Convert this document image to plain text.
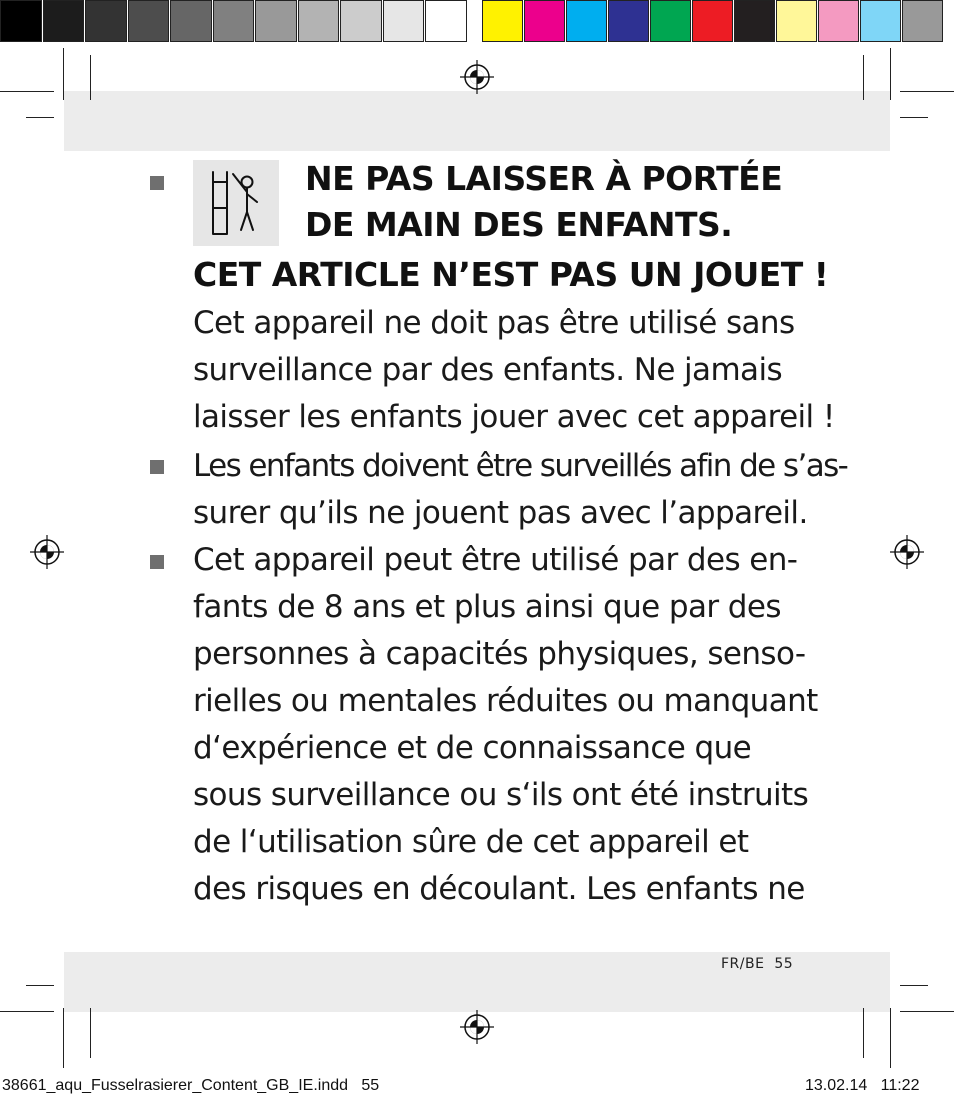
NE PAS LAISSER À PORTÉE
DE MAIN DES ENFANTS.
CET ARTICLE N’EST PAS UN JOUET !
Cet appareil ne doit pas être utilisé sans
surveillance par des enfants. Ne jamais
laisser les enfants jouer avec cet appareil !
Les enfants doivent être surveillés afin de s’as-
surer qu’ils ne jouent pas avec l’appareil.
Cet appareil peut être utilisé par des en-
fants de 8 ans et plus ainsi que par des
personnes à capacités physiques, senso-
rielles ou mentales réduites ou manquant
d‘expérience et de connaissance que
sous surveillance ou s‘ils ont été instruits
de l‘utilisation sûre de cet appareil et
des risques en découlant. Les enfants ne
FR/BE  55
38661_aqu_Fusselrasierer_Content_GB_IE.indd   55	13.02.14   11:22
